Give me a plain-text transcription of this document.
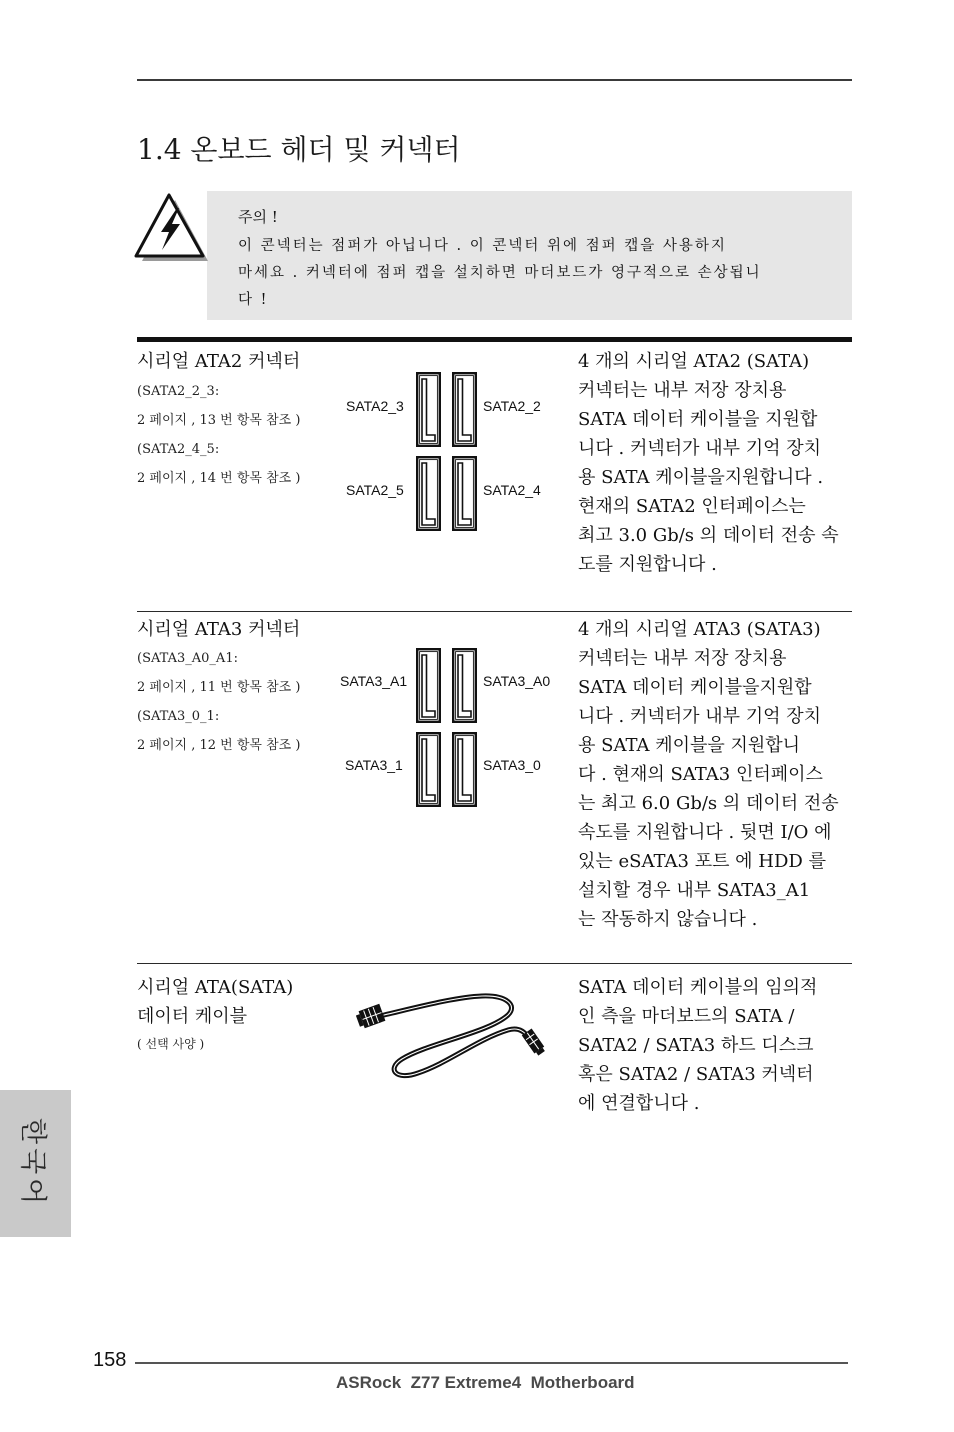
1.4 온보드 헤더 및 커넥터
주의 !
이 콘넥터는 점퍼가 아닙니다 . 이 콘넥터 위에 점퍼 캡을 사용하지
마세요 . 커넥터에 점퍼 캡을 설치하면 마더보드가 영구적으로 손상됩니
다 !
시리얼 ATA2 커넥터
(SATA2_2_3:
2 페이지 , 13 번 항목 참조 )
(SATA2_4_5:
2 페이지 , 14 번 항목 참조 )
SATA2_3	SATA2_2
SATA2_5	SATA2_4
4 개의 시리얼 ATA2 (SATA)
커넥터는 내부 저장 장치용
SATA 데이터 케이블을 지원합
니다 . 커넥터가 내부 기억 장치
용 SATA 케이블을지원합니다 .
현재의 SATA2 인터페이스는
최고 3.0 Gb/s 의 데이터 전송 속
도를 지원합니다 .
시리얼 ATA3 커넥터
(SATA3_A0_A1:
2 페이지 , 11 번 항목 참조 )
(SATA3_0_1:
2 페이지 , 12 번 항목 참조 )
SATA3_A1	SATA3_A0
SATA3_1	SATA3_0
4 개의 시리얼 ATA3 (SATA3)
커넥터는 내부 저장 장치용
SATA 데이터 케이블을지원합
니다 . 커넥터가 내부 기억 장치
용 SATA 케이블을 지원합니
다 . 현재의 SATA3 인터페이스
는 최고 6.0 Gb/s 의 데이터 전송
속도를 지원합니다 . 뒷면 I/O 에
있는 eSATA3 포트 에 HDD 를
설치할 경우 내부 SATA3_A1
는 작동하지 않습니다 .
시리얼 ATA(SATA)
데이터 케이블
( 선택 사양 )
SATA 데이터 케이블의 임의적
인 측을 마더보드의 SATA /
SATA2 / SATA3 하드 디스크
혹은 SATA2 / SATA3 커넥터
에 연결합니다 .
한국어
158
ASRock  Z77 Extreme4  Motherboard
